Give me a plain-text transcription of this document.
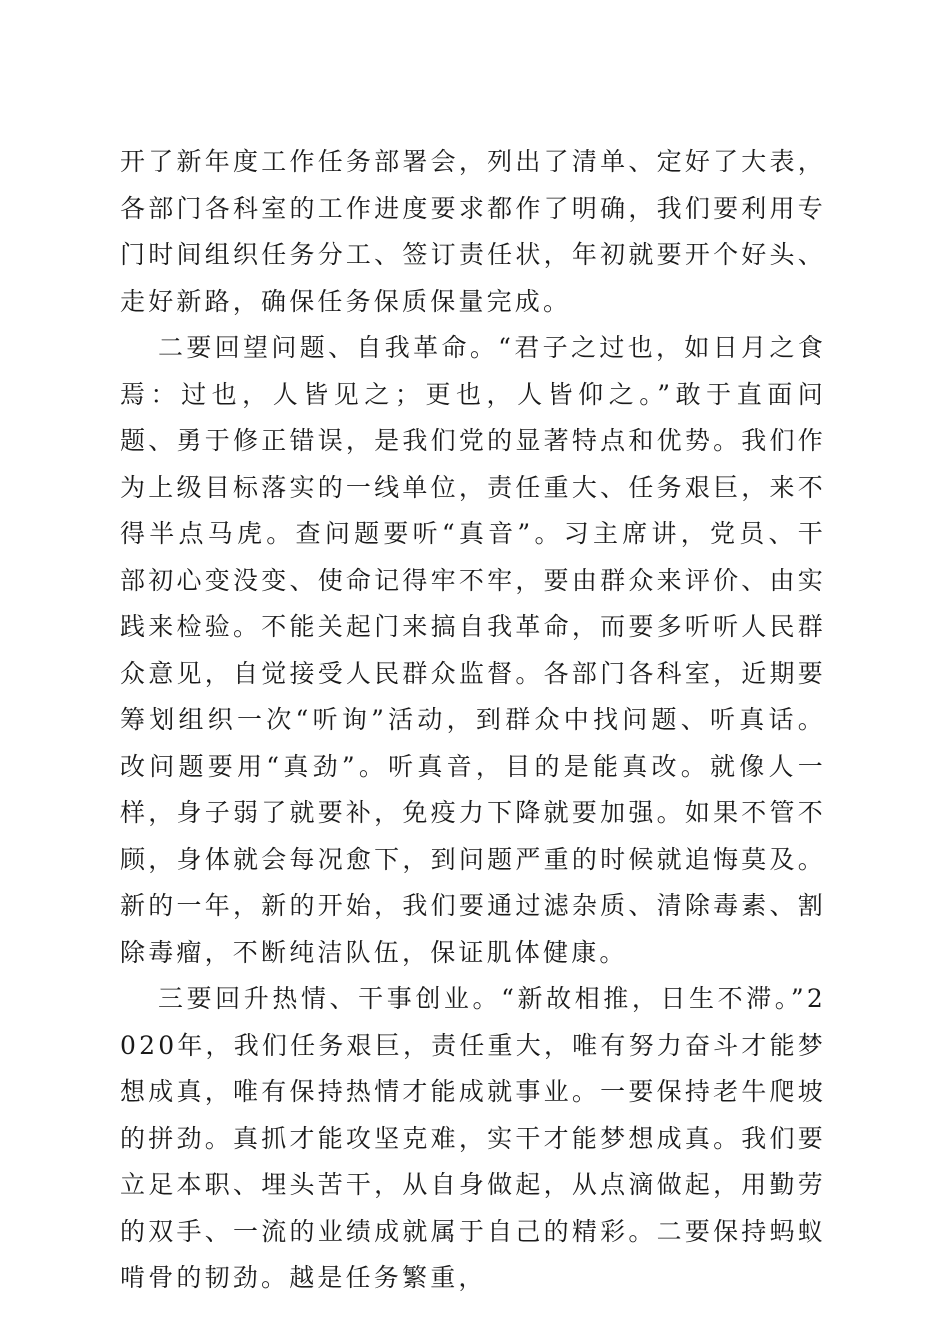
开了新年度工作任务部署会，列出了清单、定好了大表，各部门各科室的工作进度要求都作了明确，我们要利用专门时间组织任务分工、签订责任状，年初就要开个好头、走好新路，确保任务保质保量完成。

二要回望问题、自我革命。“君子之过也，如日月之食焉：过也，人皆见之；更也，人皆仰之。”敢于直面问题、勇于修正错误，是我们党的显著特点和优势。我们作为上级目标落实的一线单位，责任重大、任务艰巨，来不得半点马虎。查问题要听“真音”。习主席讲，党员、干部初心变没变、使命记得牢不牢，要由群众来评价、由实践来检验。不能关起门来搞自我革命，而要多听听人民群众意见，自觉接受人民群众监督。各部门各科室，近期要筹划组织一次“听询”活动，到群众中找问题、听真话。改问题要用“真劲”。听真音，目的是能真改。就像人一样，身子弱了就要补，免疫力下降就要加强。如果不管不顾，身体就会每况愈下，到问题严重的时候就追悔莫及。新的一年，新的开始，我们要通过滤杂质、清除毒素、割除毒瘤，不断纯洁队伍，保证肌体健康。

三要回升热情、干事创业。“新故相推，日生不滞。”2020年，我们任务艰巨，责任重大，唯有努力奋斗才能梦想成真，唯有保持热情才能成就事业。一要保持老牛爬坡的拼劲。真抓才能攻坚克难，实干才能梦想成真。我们要立足本职、埋头苦干，从自身做起，从点滴做起，用勤劳的双手、一流的业绩成就属于自己的精彩。二要保持蚂蚁啃骨的韧劲。越是任务繁重，
